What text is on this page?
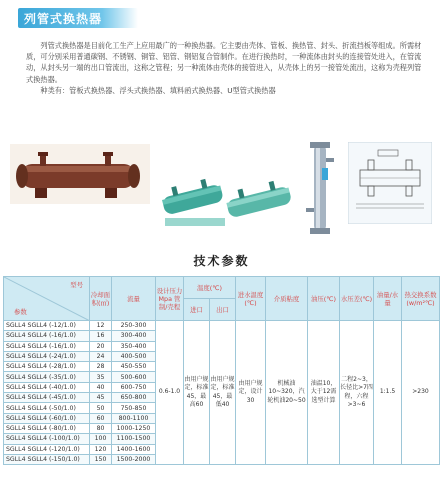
列管式换热器

列管式换热器是目前化工生产上应用最广的一种换热器。它主要由壳体、管板、换热管、封头、折流挡板等组成。所需材质，可分别采用普通碳钢、不锈钢、铜管、铝管、钢铝复合管制作。在进行换热时，一种流体由封头的连接管处进入，在管流动，从封头另一端的出口管流出，这称之管程；另一种流体由壳体的接管进入，从壳体上的另一接管处流出，这称为壳程列管式换热器。

种类有：管板式换热器、浮头式换热器、填料函式换热器、U型管式换热器

技术参数
型号
参数	冷却面积(㎡)	流量	设计压力Mpa 管制/壳程	温度(℃)		进水温度(℃)	介质粘度	油压(℃)	水压差(℃)	油量/水量	热交换系数(w/m²℃)
				进口	出口						
SGLL4 SGLL4 (-12/1.0)	12	250-300	0.6-1.0	由用户规定，标准45，最高60	由用户规定，标准45，最低40	由用户规定，设计30	机械油10~320，汽轮机油20~50	油温10，大于12需选型计算	二程2~3，长径比>7四程，六程>3~6	1:1.5	>230
SGLL4 SGLL4 (-16/1.0)	16	300-400									
SGLL4 SGLL4 (-16/1.0)	20	350-400									
SGLL4 SGLL4 (-24/1.0)	24	400-500									
SGLL4 SGLL4 (-28/1.0)	28	450-550									
SGLL4 SGLL4 (-35/1.0)	35	500-600									
SGLL4 SGLL4 (-40/1.0)	40	600-750									
SGLL4 SGLL4 (-45/1.0)	45	650-800									
SGLL4 SGLL4 (-50/1.0)	50	750-850									
SGLL4 SGLL4 (-60/1.0)	60	800-1100									
SGLL4 SGLL4 (-80/1.0)	80	1000-1250									
SGLL4 SGLL4 (-100/1.0)	100	1100-1500									
SGLL4 SGLL4 (-120/1.0)	120	1400-1600									
SGLL4 SGLL4 (-150/1.0)	150	1500-2000									
